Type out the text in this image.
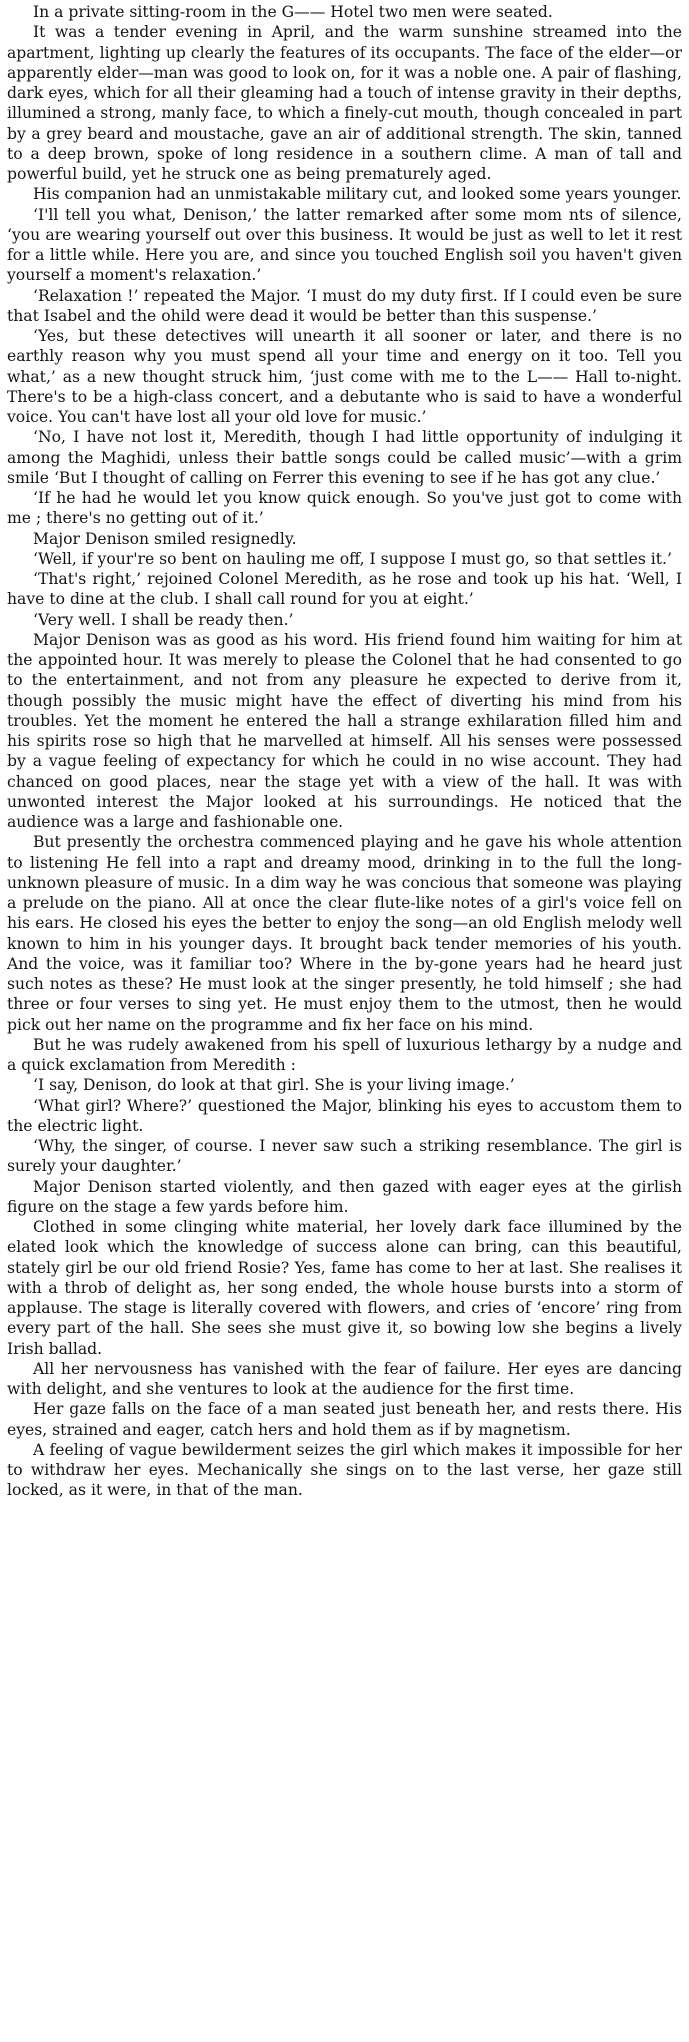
In a private sitting-room in the G—— Hotel two men were seated.

It was a tender evening in April, and the warm sunshine streamed into the apartment, lighting up clearly the features of its occupants. The face of the elder—or apparently elder—man was good to look on, for it was a noble one. A pair of flashing, dark eyes, which for all their gleaming had a touch of intense gravity in their depths, illumined a strong, manly face, to which a finely-cut mouth, though concealed in part by a grey beard and moustache, gave an air of additional strength. The skin, tanned to a deep brown, spoke of long residence in a southern clime. A man of tall and powerful build, yet he struck one as being prematurely aged.

His companion had an unmistakable military cut, and looked some years younger.

‘I'll tell you what, Denison,’ the latter remarked after some mom nts of silence, ‘you are wearing yourself out over this business. It would be just as well to let it rest for a little while. Here you are, and since you touched English soil you haven't given yourself a moment's relaxation.’

‘Relaxation !’ repeated the Major. ‘I must do my duty first. If I could even be sure that Isabel and the ohild were dead it would be better than this suspense.’

‘Yes, but these detectives will unearth it all sooner or later, and there is no earthly reason why you must spend all your time and energy on it too. Tell you what,’ as a new thought struck him, ‘just come with me to the L—— Hall to-night. There's to be a high-class concert, and a debutante who is said to have a wonderful voice. You can't have lost all your old love for music.’

‘No, I have not lost it, Meredith, though I had little opportunity of indulging it among the Maghidi, unless their battle songs could be called music’—with a grim smile ‘But I thought of calling on Ferrer this evening to see if he has got any clue.’

‘If he had he would let you know quick enough. So you've just got to come with me ; there's no getting out of it.’

Major Denison smiled resignedly.

‘Well, if your're so bent on hauling me off, I suppose I must go, so that settles it.’

‘That's right,’ rejoined Colonel Meredith, as he rose and took up his hat. ‘Well, I have to dine at the club. I shall call round for you at eight.’

‘Very well. I shall be ready then.’

Major Denison was as good as his word. His friend found him waiting for him at the appointed hour. It was merely to please the Colonel that he had consented to go to the entertainment, and not from any pleasure he expected to derive from it, though possibly the music might have the effect of diverting his mind from his troubles. Yet the moment he entered the hall a strange exhilaration filled him and his spirits rose so high that he marvelled at himself. All his senses were possessed by a vague feeling of expectancy for which he could in no wise account. They had chanced on good places, near the stage yet with a view of the hall. It was with unwonted interest the Major looked at his surroundings. He noticed that the audience was a large and fashionable one.

But presently the orchestra commenced playing and he gave his whole attention to listening He fell into a rapt and dreamy mood, drinking in to the full the long-unknown pleasure of music. In a dim way he was concious that someone was playing a prelude on the piano. All at once the clear flute-like notes of a girl's voice fell on his ears. He closed his eyes the better to enjoy the song—an old English melody well known to him in his younger days. It brought back tender memories of his youth. And the voice, was it familiar too? Where in the by-gone years had he heard just such notes as these? He must look at the singer presently, he told himself ; she had three or four verses to sing yet. He must enjoy them to the utmost, then he would pick out her name on the programme and fix her face on his mind.

But he was rudely awakened from his spell of luxurious lethargy by a nudge and a quick exclamation from Meredith :

‘I say, Denison, do look at that girl. She is your living image.’

‘What girl? Where?’ questioned the Major, blinking his eyes to accustom them to the electric light.

‘Why, the singer, of course. I never saw such a striking resemblance. The girl is surely your daughter.’

Major Denison started violently, and then gazed with eager eyes at the girlish figure on the stage a few yards before him.

Clothed in some clinging white material, her lovely dark face illumined by the elated look which the knowledge of success alone can bring, can this beautiful, stately girl be our old friend Rosie? Yes, fame has come to her at last. She realises it with a throb of delight as, her song ended, the whole house bursts into a storm of applause. The stage is literally covered with flowers, and cries of ‘encore’ ring from every part of the hall. She sees she must give it, so bowing low she begins a lively Irish ballad.

All her nervousness has vanished with the fear of failure. Her eyes are dancing with delight, and she ventures to look at the audience for the first time.

Her gaze falls on the face of a man seated just beneath her, and rests there. His eyes, strained and eager, catch hers and hold them as if by magnetism.

A feeling of vague bewilderment seizes the girl which makes it impossible for her to withdraw her eyes. Mechanically she sings on to the last verse, her gaze still locked, as it were, in that of the man.
